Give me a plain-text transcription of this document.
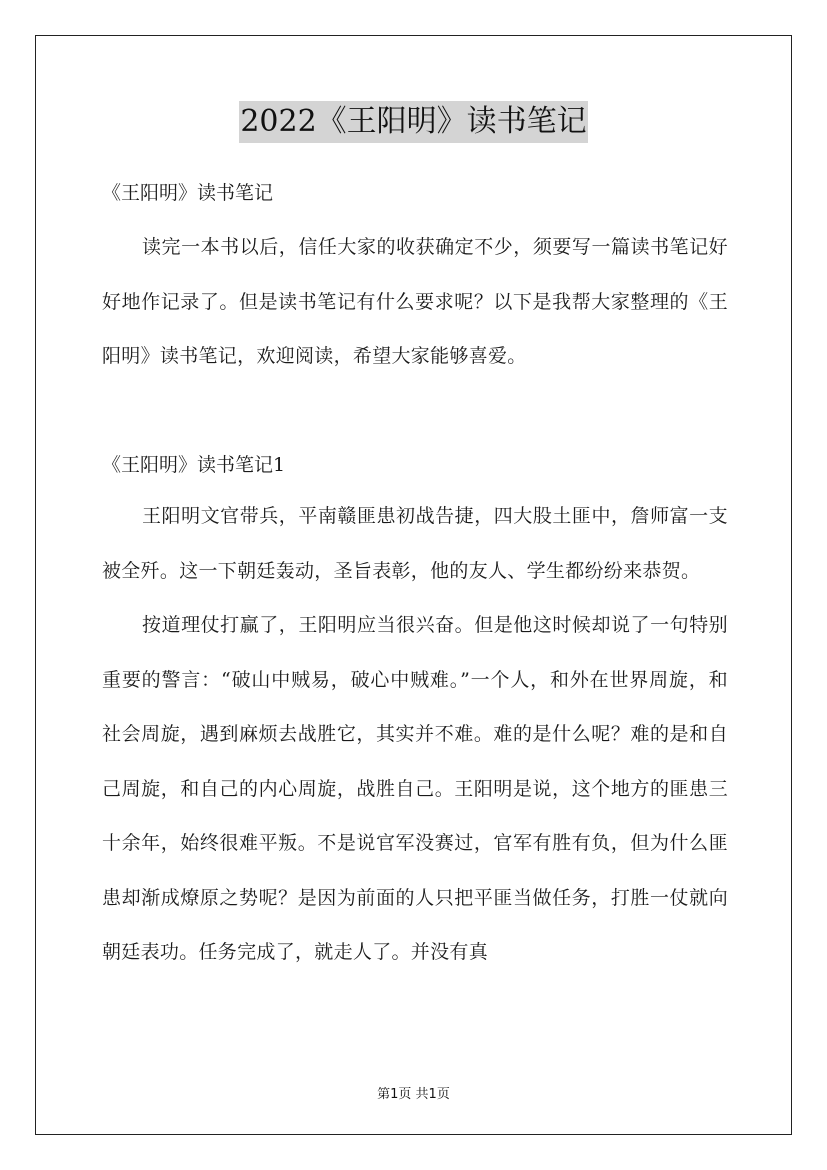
2022《王阳明》读书笔记
《王阳明》读书笔记

读完一本书以后，信任大家的收获确定不少，须要写一篇读书笔记好好地作记录了。但是读书笔记有什么要求呢？以下是我帮大家整理的《王阳明》读书笔记，欢迎阅读，希望大家能够喜爱。

《王阳明》读书笔记1

王阳明文官带兵，平南赣匪患初战告捷，四大股土匪中，詹师富一支被全歼。这一下朝廷轰动，圣旨表彰，他的友人、学生都纷纷来恭贺。

按道理仗打赢了，王阳明应当很兴奋。但是他这时候却说了一句特别重要的警言：“破山中贼易，破心中贼难。”一个人，和外在世界周旋，和社会周旋，遇到麻烦去战胜它，其实并不难。难的是什么呢？难的是和自己周旋，和自己的内心周旋，战胜自己。王阳明是说，这个地方的匪患三十余年，始终很难平叛。不是说官军没赛过，官军有胜有负，但为什么匪患却渐成燎原之势呢？是因为前面的人只把平匪当做任务，打胜一仗就向朝廷表功。任务完成了，就走人了。并没有真

第1页 共1页
